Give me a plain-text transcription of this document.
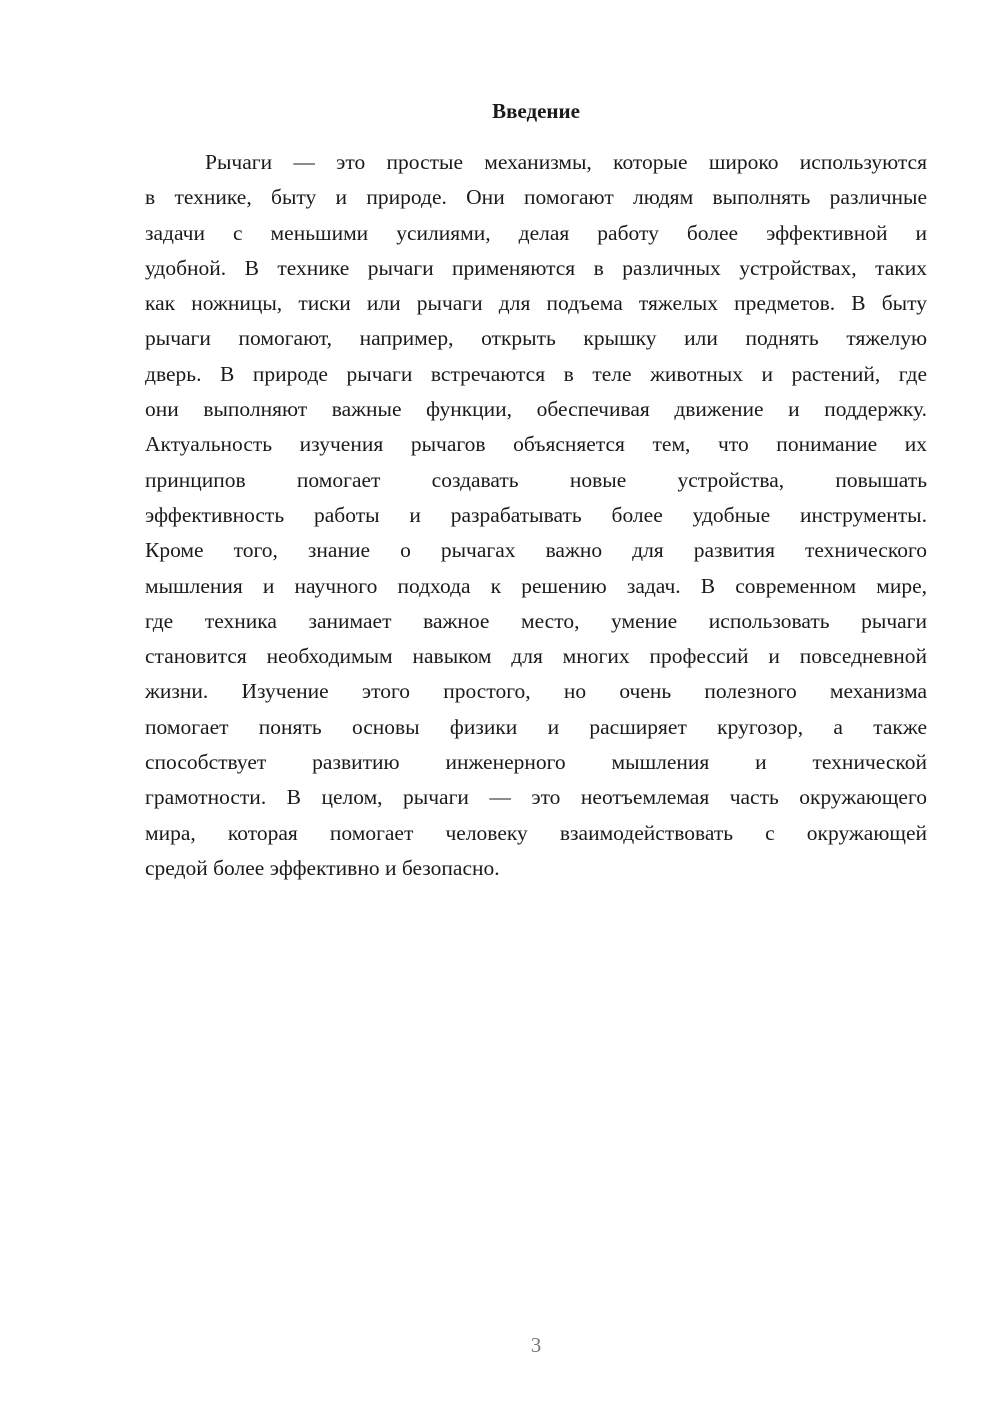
Введение
Рычаги — это простые механизмы, которые широко используются
в технике, быту и природе. Они помогают людям выполнять различные
задачи с меньшими усилиями, делая работу более эффективной и
удобной. В технике рычаги применяются в различных устройствах, таких
как ножницы, тиски или рычаги для подъема тяжелых предметов. В быту
рычаги помогают, например, открыть крышку или поднять тяжелую
дверь. В природе рычаги встречаются в теле животных и растений, где
они выполняют важные функции, обеспечивая движение и поддержку.
Актуальность изучения рычагов объясняется тем, что понимание их
принципов помогает создавать новые устройства, повышать
эффективность работы и разрабатывать более удобные инструменты.
Кроме того, знание о рычагах важно для развития технического
мышления и научного подхода к решению задач. В современном мире,
где техника занимает важное место, умение использовать рычаги
становится необходимым навыком для многих профессий и повседневной
жизни. Изучение этого простого, но очень полезного механизма
помогает понять основы физики и расширяет кругозор, а также
способствует развитию инженерного мышления и технической
грамотности. В целом, рычаги — это неотъемлемая часть окружающего
мира, которая помогает человеку взаимодействовать с окружающей
средой более эффективно и безопасно.
3
